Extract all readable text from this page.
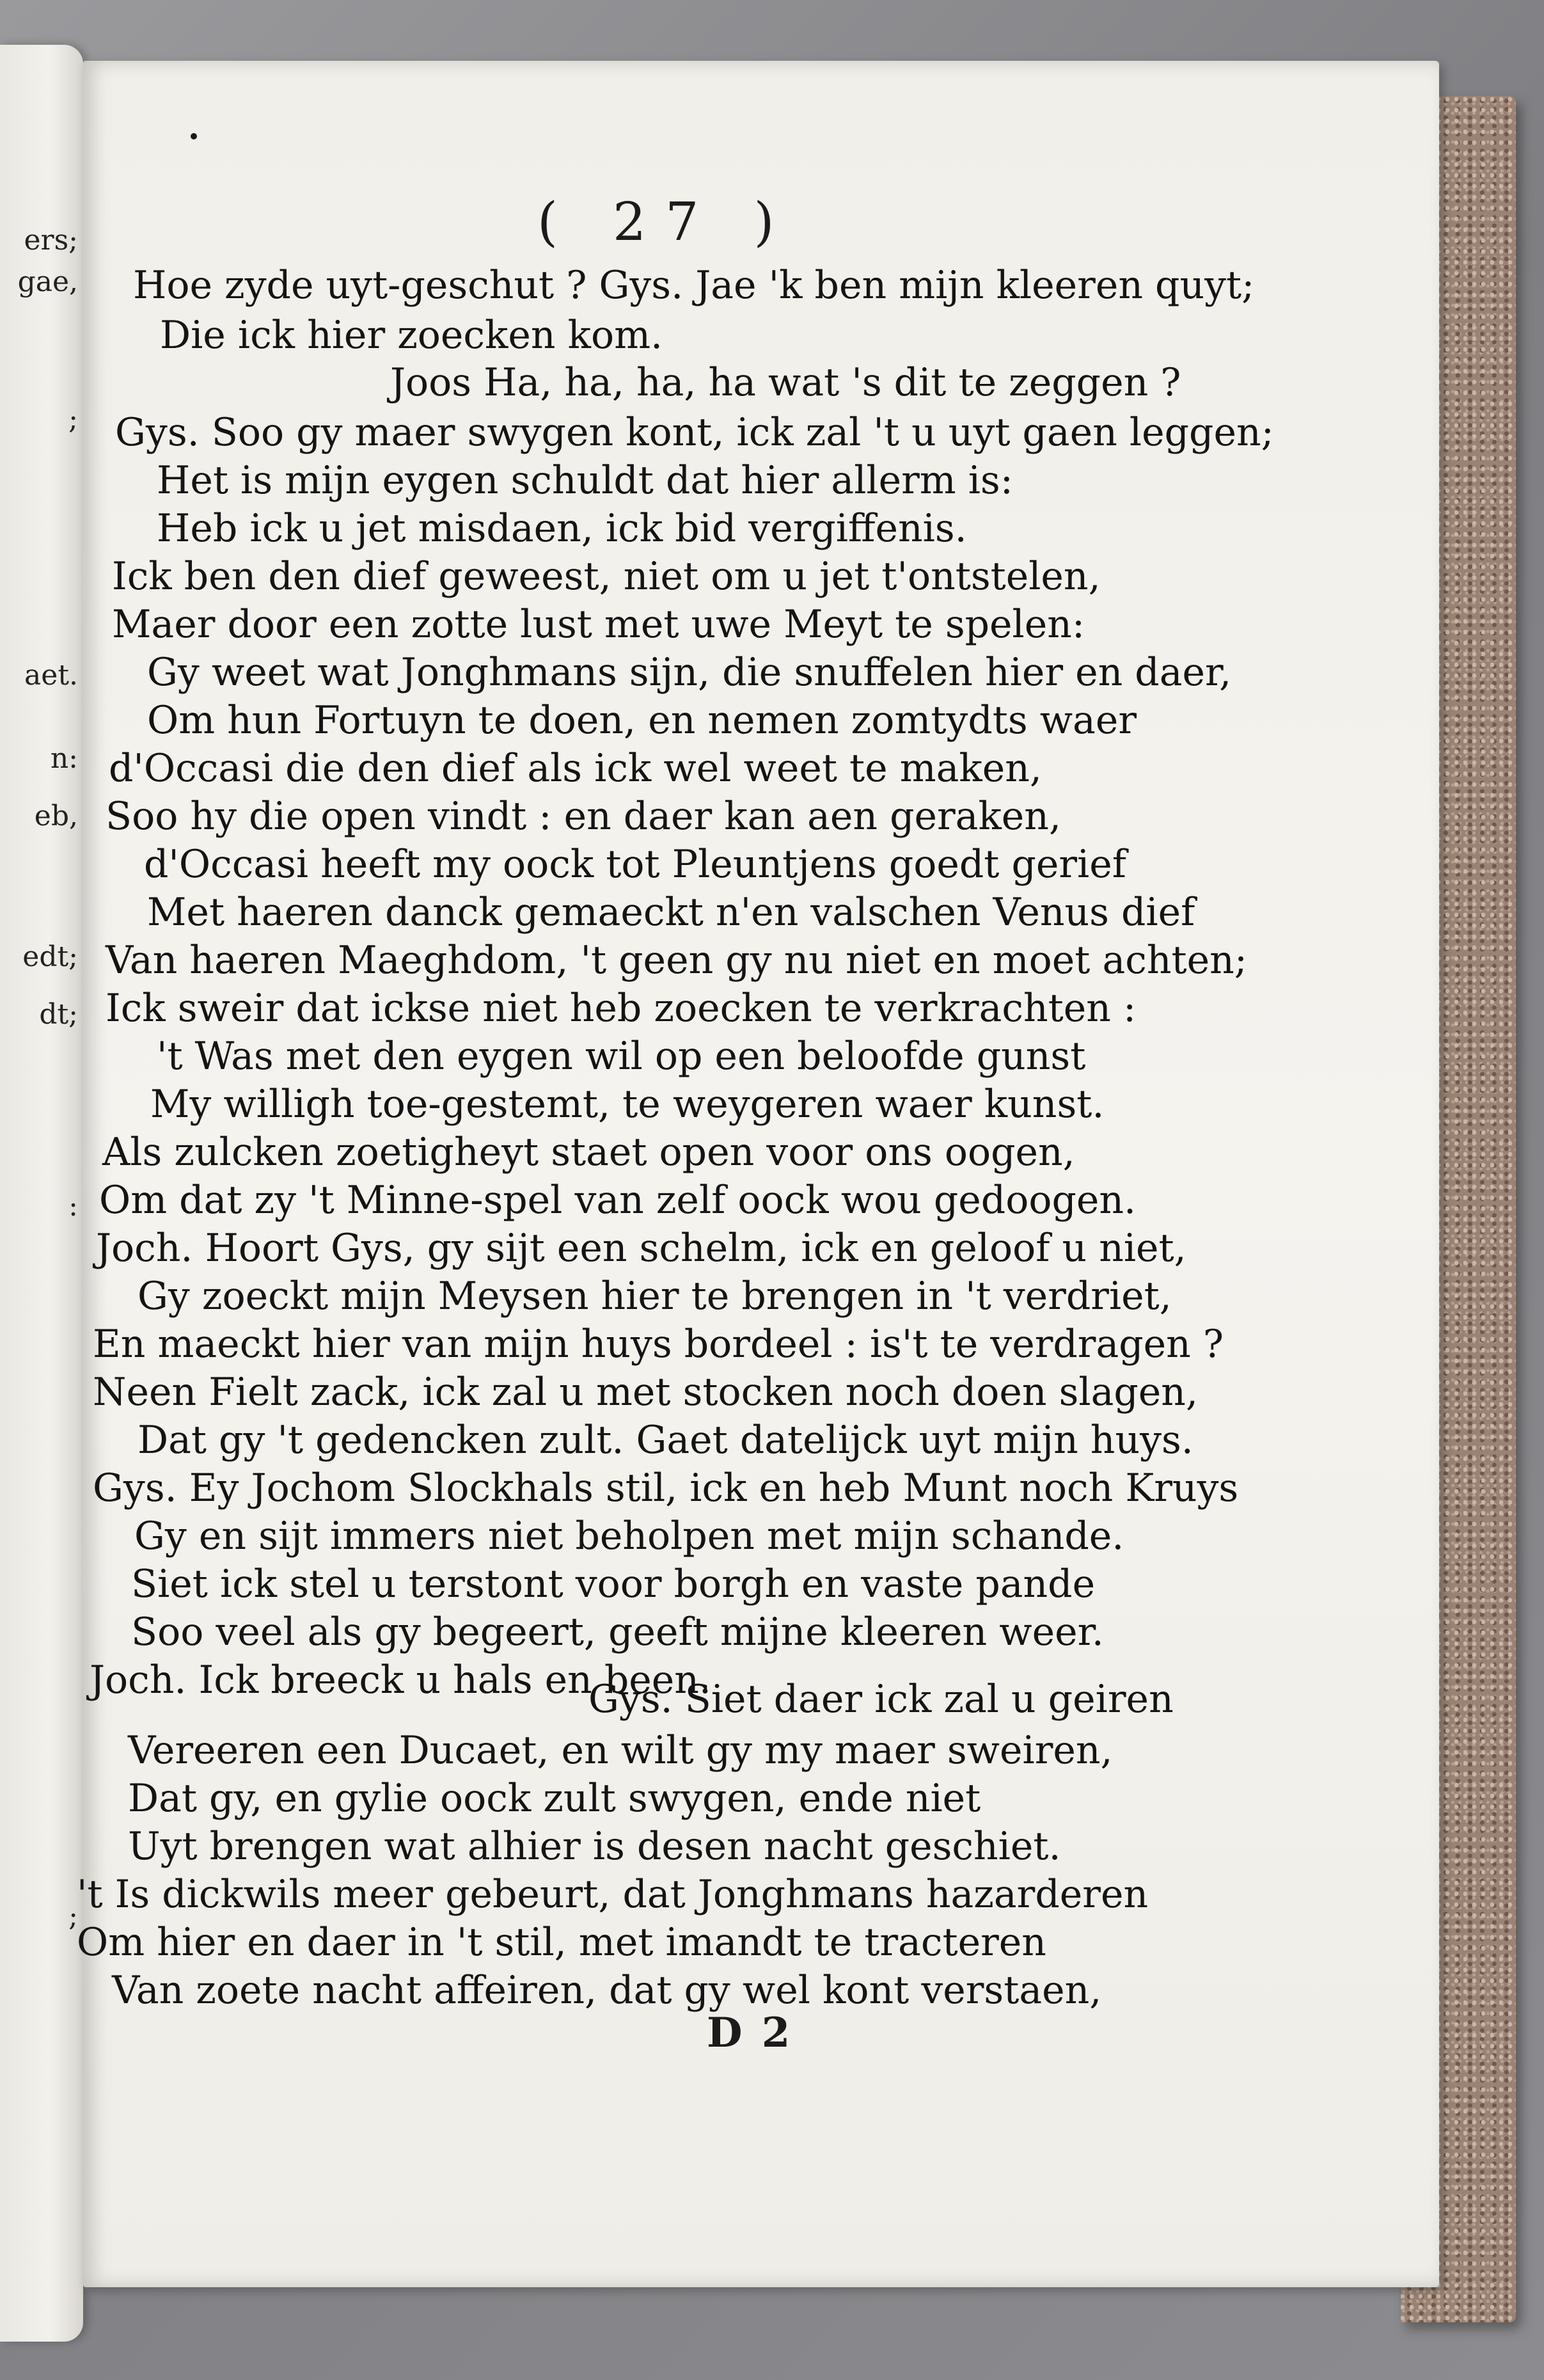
ers;
gae,
;
aet.
n:
eb,
edt;
dt;
:
;
( 27 )
Hoe zyde uyt-geschut ? Gys. Jae 'k ben mijn kleeren quyt;
Die ick hier zoecken kom.
Joos Ha, ha, ha, ha wat 's dit te zeggen ?
Gys. Soo gy maer swygen kont, ick zal 't u uyt gaen leggen;
Het is mijn eygen schuldt dat hier allerm is:
Heb ick u jet misdaen, ick bid vergiffenis.
Ick ben den dief geweest, niet om u jet t'ontstelen,
Maer door een zotte lust met uwe Meyt te spelen:
Gy weet wat Jonghmans sijn, die snuffelen hier en daer,
Om hun Fortuyn te doen, en nemen zomtydts waer
d'Occasi die den dief als ick wel weet te maken,
Soo hy die open vindt : en daer kan aen geraken,
d'Occasi heeft my oock tot Pleuntjens goedt gerief
Met haeren danck gemaeckt n'en valschen Venus dief
Van haeren Maeghdom, 't geen gy nu niet en moet achten;
Ick sweir dat ickse niet heb zoecken te verkrachten :
't Was met den eygen wil op een beloofde gunst
My willigh toe-gestemt, te weygeren waer kunst.
Als zulcken zoetigheyt staet open voor ons oogen,
Om dat zy 't Minne-spel van zelf oock wou gedoogen.
Joch. Hoort Gys, gy sijt een schelm, ick en geloof u niet,
Gy zoeckt mijn Meysen hier te brengen in 't verdriet,
En maeckt hier van mijn huys bordeel : is't te verdragen ?
Neen Fielt zack, ick zal u met stocken noch doen slagen,
Dat gy 't gedencken zult. Gaet datelijck uyt mijn huys.
Gys. Ey Jochom Slockhals stil, ick en heb Munt noch Kruys
Gy en sijt immers niet beholpen met mijn schande.
Siet ick stel u terstont voor borgh en vaste pande
Soo veel als gy begeert, geeft mijne kleeren weer.
Joch. Ick breeck u hals en been.
Gys. Siet daer ick zal u geiren
Vereeren een Ducaet, en wilt gy my maer sweiren,
Dat gy, en gylie oock zult swygen, ende niet
Uyt brengen wat alhier is desen nacht geschiet.
't Is dickwils meer gebeurt, dat Jonghmans hazarderen
Om hier en daer in 't stil, met imandt te tracteren
Van zoete nacht affeiren, dat gy wel kont verstaen,
D 2
